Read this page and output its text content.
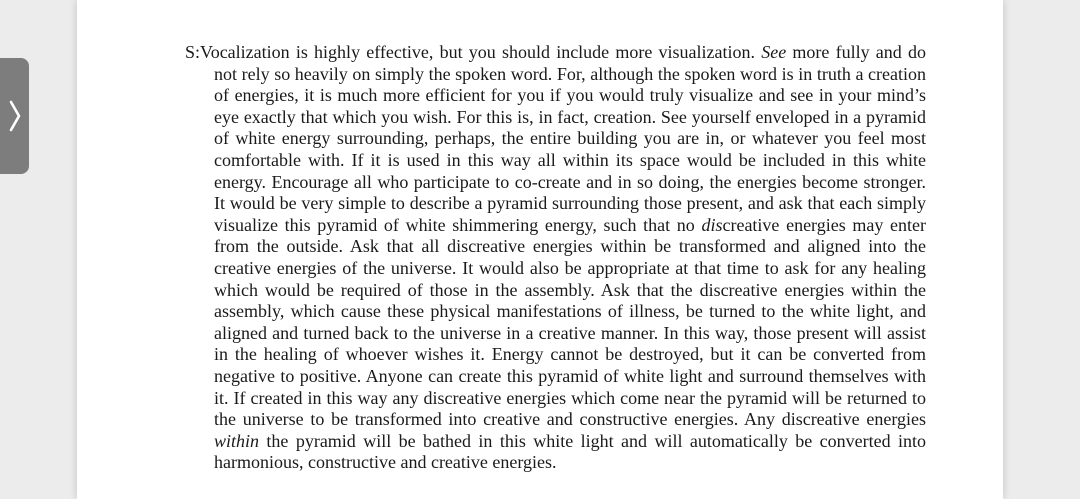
S:Vocalization is highly effective, but you should include more visualization. See more fully and do not rely so heavily on simply the spoken word. For, although the spoken word is in truth a creation of energies, it is much more efficient for you if you would truly visualize and see in your mind’s eye exactly that which you wish. For this is, in fact, creation. See yourself enveloped in a pyramid of white energy surrounding, perhaps, the entire building you are in, or whatever you feel most comfortable with. If it is used in this way all within its space would be included in this white energy. Encourage all who participate to co-create and in so doing, the energies become stronger. It would be very simple to describe a pyramid surrounding those present, and ask that each simply visualize this pyramid of white shimmering energy, such that no discreative energies may enter from the outside. Ask that all discreative energies within be transformed and aligned into the creative energies of the universe. It would also be appropriate at that time to ask for any healing which would be required of those in the assembly. Ask that the discreative energies within the assembly, which cause these physical manifestations of illness, be turned to the white light, and aligned and turned back to the universe in a creative manner. In this way, those present will assist in the healing of whoever wishes it. Energy cannot be destroyed, but it can be converted from negative to positive. Anyone can create this pyramid of white light and surround themselves with it. If created in this way any discreative energies which come near the pyramid will be returned to the universe to be transformed into creative and constructive energies. Any discreative energies within the pyramid will be bathed in this white light and will automatically be converted into harmonious, constructive and creative energies.
